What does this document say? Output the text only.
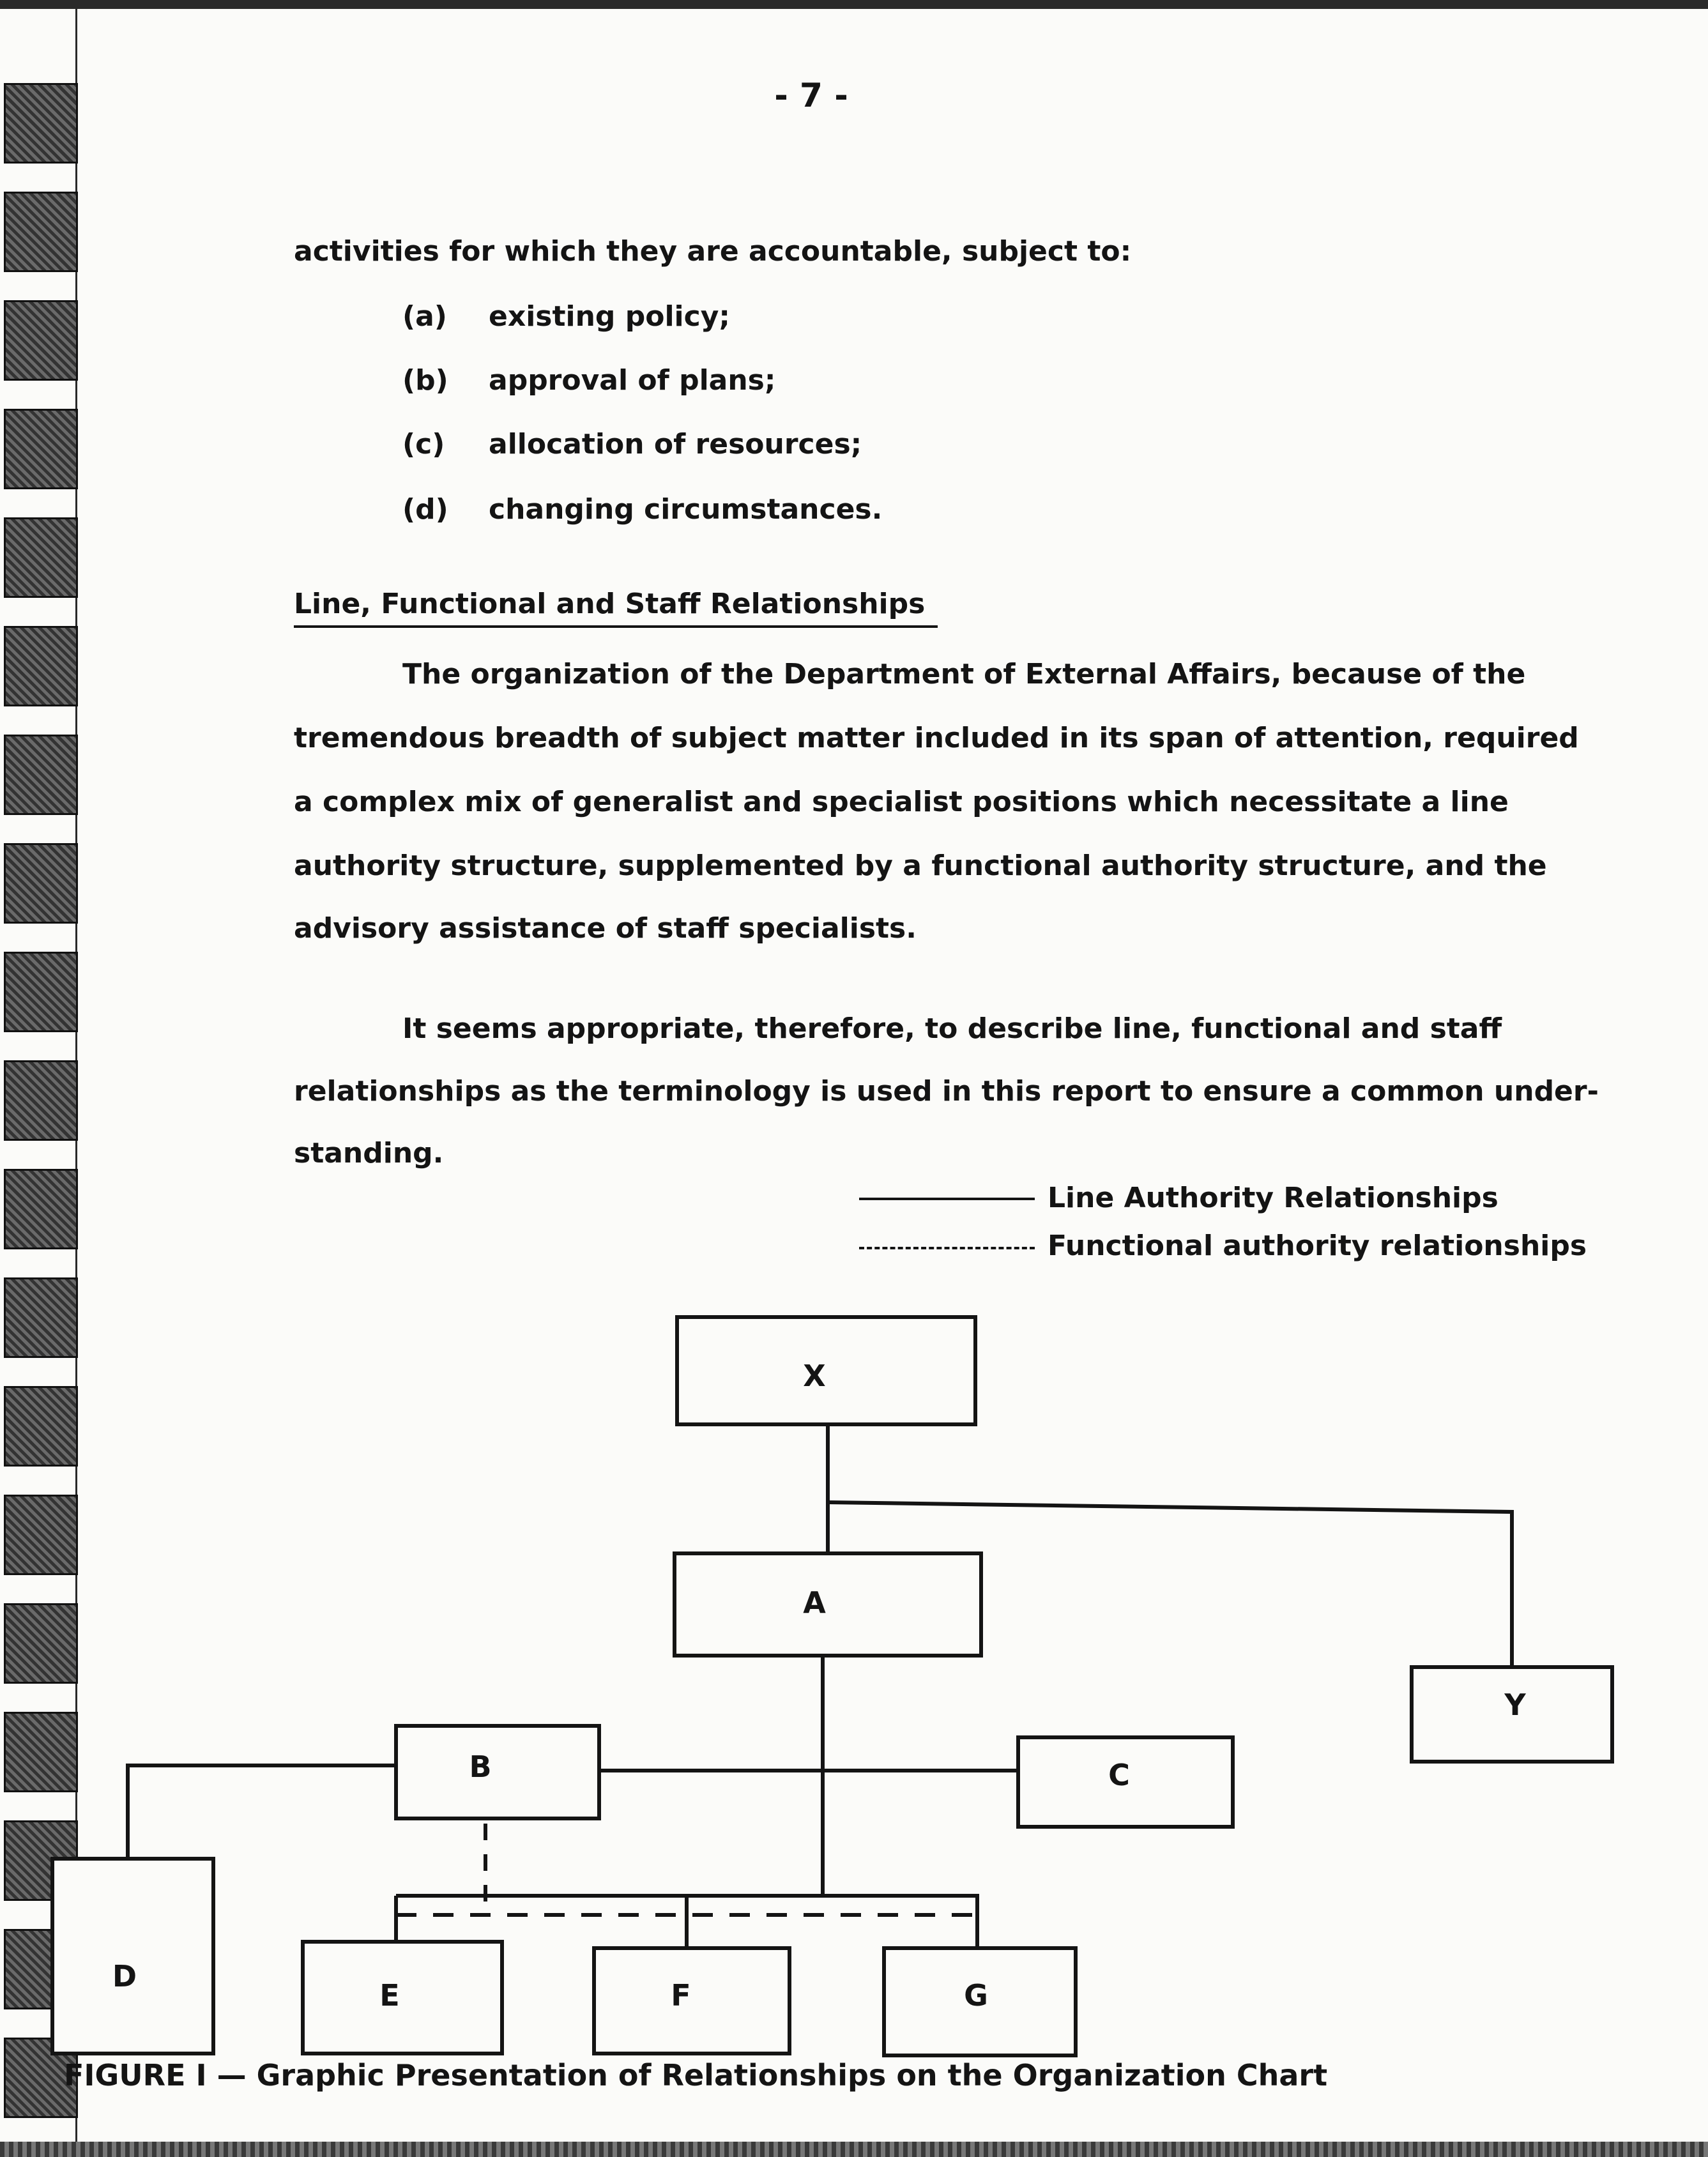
- 7 -
activities for which they are accountable, subject to:
(a) existing policy;
(b) approval of plans;
(c) allocation of resources;
(d) changing circumstances.
Line, Functional and Staff Relationships
The organization of the Department of External Affairs, because of the
tremendous breadth of subject matter included in its span of attention, required
a complex mix of generalist and specialist positions which necessitate a line
authority structure, supplemented by a functional authority structure, and the
advisory assistance of staff specialists.
It seems appropriate, therefore, to describe line, functional and staff
relationships as the terminology is used in this report to ensure a common under-
standing.
Line Authority Relationships
Functional authority relationships
X
A
Y
B	C
D
E	F	G
FIGURE I — Graphic Presentation of Relationships on the Organization Chart
